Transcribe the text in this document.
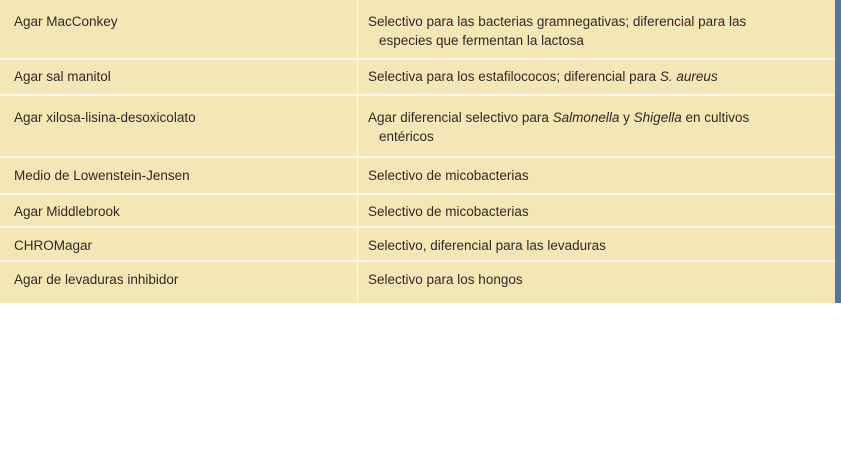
Agar MacConkey	Selectivo para las bacterias gramnegativas; diferencial para las
especies que fermentan la lactosa
Agar sal manitol	Selectiva para los estafilococos; diferencial para S. aureus
Agar xilosa-lisina-desoxicolato	Agar diferencial selectivo para Salmonella y Shigella en cultivos
entéricos
Medio de Lowenstein-Jensen	Selectivo de micobacterias
Agar Middlebrook	Selectivo de micobacterias
CHROMagar	Selectivo, diferencial para las levaduras
Agar de levaduras inhibidor	Selectivo para los hongos
